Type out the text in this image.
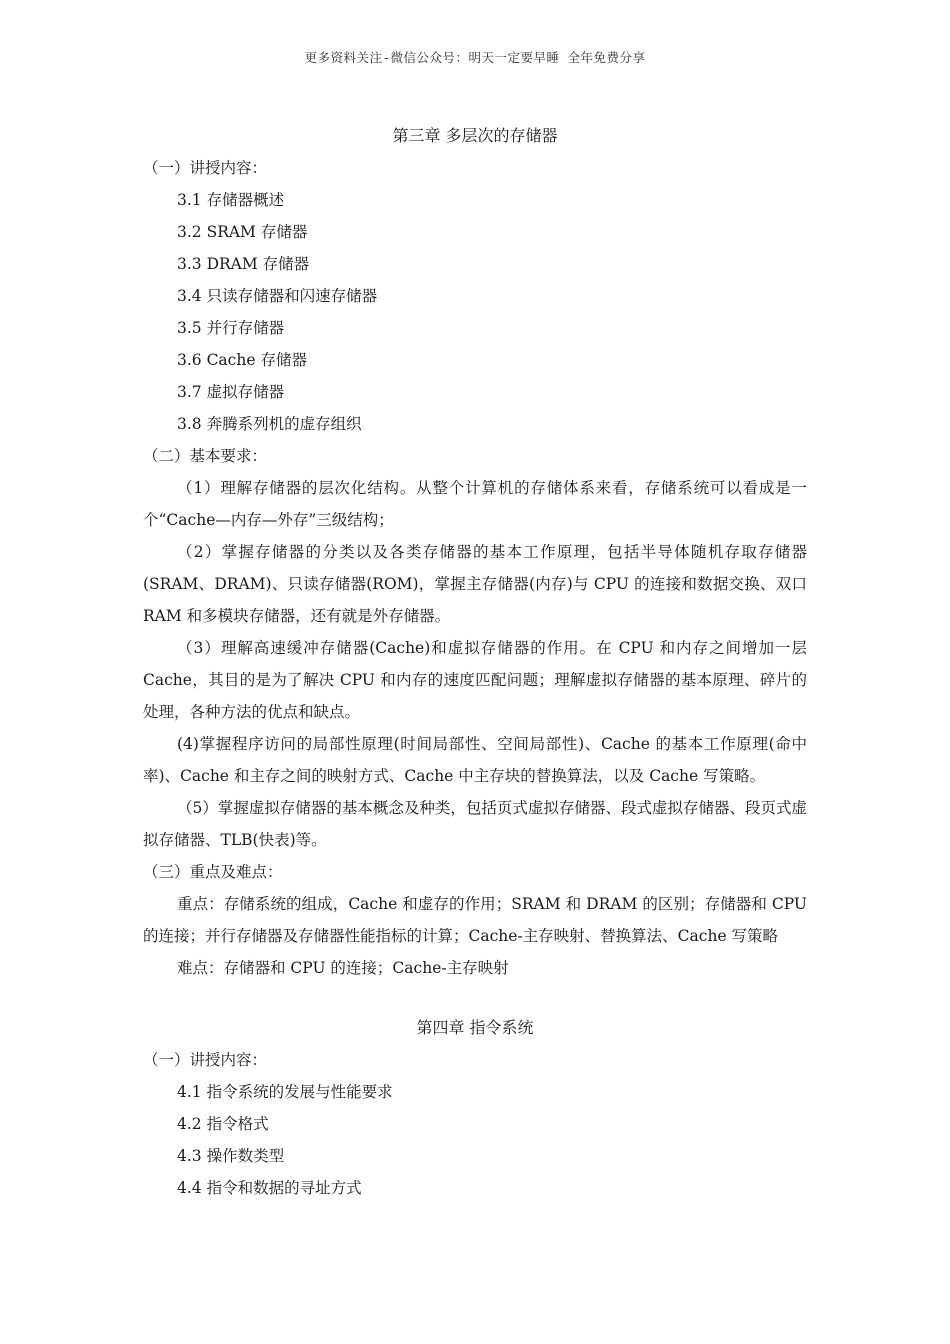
更多资料关注-微信公众号：明天一定要早睡 全年免费分享
第三章 多层次的存储器

（一）讲授内容：

3.1 存储器概述

3.2 SRAM 存储器

3.3 DRAM 存储器

3.4 只读存储器和闪速存储器

3.5 并行存储器

3.6 Cache 存储器

3.7 虚拟存储器

3.8 奔腾系列机的虚存组织

（二）基本要求：

（1）理解存储器的层次化结构。从整个计算机的存储体系来看，存储系统可以看成是一个“Cache—内存—外存”三级结构；

（2）掌握存储器的分类以及各类存储器的基本工作原理，包括半导体随机存取存储器(SRAM、DRAM)、只读存储器(ROM)，掌握主存储器(内存)与 CPU 的连接和数据交换、双口 RAM 和多模块存储器，还有就是外存储器。

（3）理解高速缓冲存储器(Cache)和虚拟存储器的作用。在 CPU 和内存之间增加一层 Cache，其目的是为了解决 CPU 和内存的速度匹配问题；理解虚拟存储器的基本原理、碎片的处理，各种方法的优点和缺点。

(4)掌握程序访问的局部性原理(时间局部性、空间局部性)、Cache 的基本工作原理(命中率)、Cache 和主存之间的映射方式、Cache 中主存块的替换算法，以及 Cache 写策略。

（5）掌握虚拟存储器的基本概念及种类，包括页式虚拟存储器、段式虚拟存储器、段页式虚拟存储器、TLB(快表)等。

（三）重点及难点：

重点：存储系统的组成，Cache 和虚存的作用；SRAM 和 DRAM 的区别；存储器和 CPU 的连接；并行存储器及存储器性能指标的计算；Cache-主存映射、替换算法、Cache 写策略

难点：存储器和 CPU 的连接；Cache-主存映射

第四章 指令系统

（一）讲授内容：

4.1 指令系统的发展与性能要求

4.2 指令格式

4.3 操作数类型

4.4 指令和数据的寻址方式
